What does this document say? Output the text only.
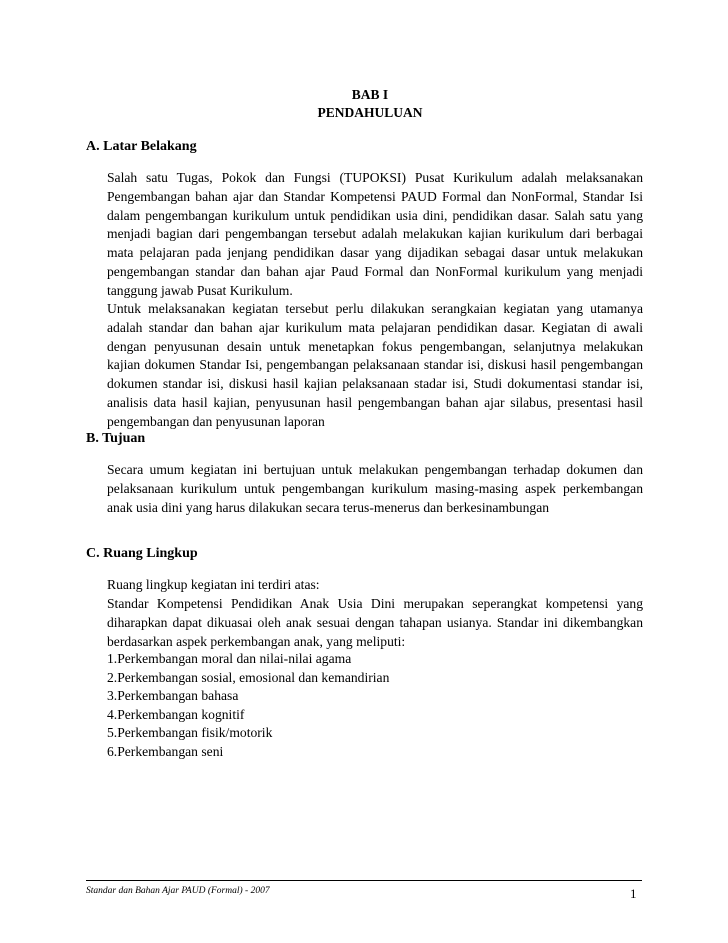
BAB I
PENDAHULUAN
A. Latar Belakang

Salah satu Tugas, Pokok dan Fungsi (TUPOKSI) Pusat Kurikulum adalah melaksanakan Pengembangan bahan ajar dan Standar Kompetensi PAUD Formal dan NonFormal, Standar Isi dalam pengembangan kurikulum untuk pendidikan usia dini, pendidikan dasar. Salah satu yang menjadi bagian dari pengembangan tersebut adalah melakukan kajian kurikulum dari berbagai mata pelajaran pada jenjang pendidikan dasar yang dijadikan sebagai dasar untuk melakukan pengembangan standar dan bahan ajar Paud Formal dan NonFormal kurikulum yang menjadi tanggung jawab Pusat Kurikulum.

Untuk melaksanakan kegiatan tersebut perlu dilakukan serangkaian kegiatan yang utamanya adalah standar dan bahan ajar kurikulum mata pelajaran pendidikan dasar. Kegiatan di awali dengan penyusunan desain untuk menetapkan fokus pengembangan, selanjutnya melakukan kajian dokumen Standar Isi, pengembangan pelaksanaan standar isi, diskusi hasil pengembangan dokumen standar isi, diskusi hasil kajian pelaksanaan stadar isi, Studi dokumentasi standar isi, analisis data hasil kajian, penyusunan hasil pengembangan bahan ajar silabus, presentasi hasil pengembangan dan penyusunan laporan

B. Tujuan

Secara umum kegiatan ini bertujuan untuk melakukan pengembangan terhadap dokumen dan pelaksanaan kurikulum untuk pengembangan kurikulum masing-masing aspek perkembangan anak usia dini yang harus dilakukan secara terus-menerus dan berkesinambungan

C. Ruang Lingkup

Ruang lingkup kegiatan ini terdiri atas:

Standar Kompetensi Pendidikan Anak Usia Dini merupakan seperangkat kompetensi yang diharapkan dapat dikuasai oleh anak sesuai dengan tahapan usianya. Standar ini dikembangkan berdasarkan aspek perkembangan anak, yang meliputi:

1.Perkembangan moral dan nilai-nilai agama
2.Perkembangan sosial, emosional dan kemandirian
3.Perkembangan bahasa
4.Perkembangan kognitif
5.Perkembangan fisik/motorik
6.Perkembangan seni
Standar dan Bahan Ajar PAUD (Formal) - 2007	1
